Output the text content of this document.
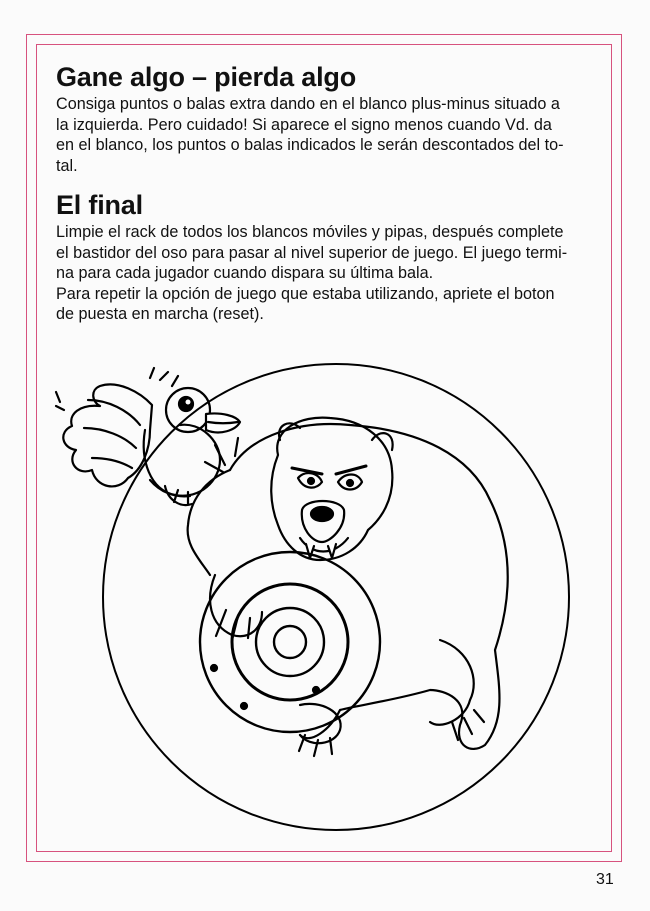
Gane algo – pierda algo

Consiga puntos o balas extra dando en el blanco plus-minus situado a
la izquierda. Pero cuidado! Si aparece el signo menos cuando Vd. da
en el blanco, los puntos o balas indicados le serán descontados del to-
tal.

El final

Limpie el rack de todos los blancos móviles y pipas, después complete
el bastidor del oso para pasar al nivel superior de juego. El juego termi-
na para cada jugador cuando dispara su última bala.
Para repetir la opción de juego que estaba utilizando, apriete el boton
de puesta en marcha (reset).

31
